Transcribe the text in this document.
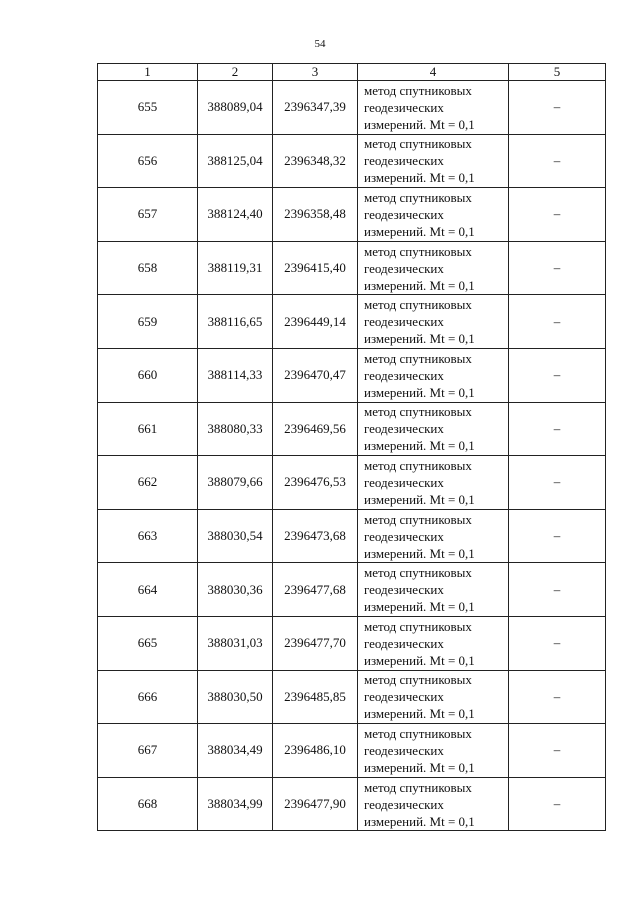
54
1	2	3	4	5
655	388089,04	2396347,39	метод спутниковых
геодезических
измерений. Mt = 0,1	–
656	388125,04	2396348,32	метод спутниковых
геодезических
измерений. Mt = 0,1	–
657	388124,40	2396358,48	метод спутниковых
геодезических
измерений. Mt = 0,1	–
658	388119,31	2396415,40	метод спутниковых
геодезических
измерений. Mt = 0,1	–
659	388116,65	2396449,14	метод спутниковых
геодезических
измерений. Mt = 0,1	–
660	388114,33	2396470,47	метод спутниковых
геодезических
измерений. Mt = 0,1	–
661	388080,33	2396469,56	метод спутниковых
геодезических
измерений. Mt = 0,1	–
662	388079,66	2396476,53	метод спутниковых
геодезических
измерений. Mt = 0,1	–
663	388030,54	2396473,68	метод спутниковых
геодезических
измерений. Mt = 0,1	–
664	388030,36	2396477,68	метод спутниковых
геодезических
измерений. Mt = 0,1	–
665	388031,03	2396477,70	метод спутниковых
геодезических
измерений. Mt = 0,1	–
666	388030,50	2396485,85	метод спутниковых
геодезических
измерений. Mt = 0,1	–
667	388034,49	2396486,10	метод спутниковых
геодезических
измерений. Mt = 0,1	–
668	388034,99	2396477,90	метод спутниковых
геодезических
измерений. Mt = 0,1	–
